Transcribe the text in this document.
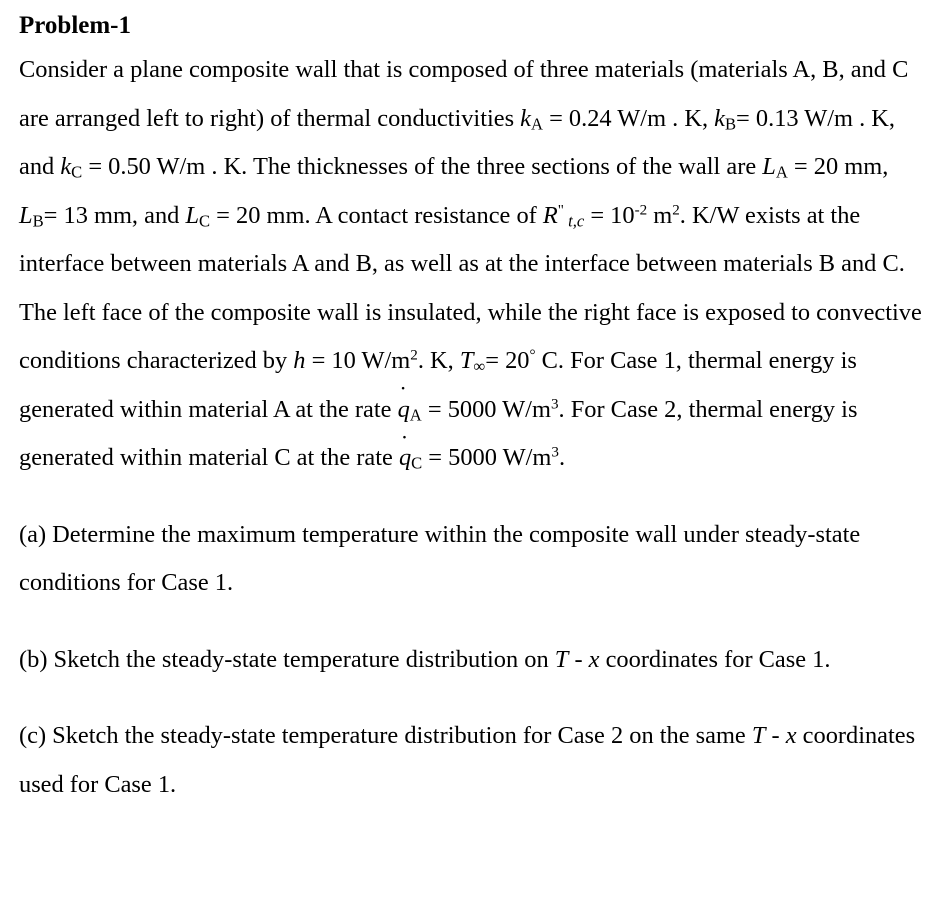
Problem-1

Consider a plane composite wall that is composed of three materials (materials A, B, and C are arranged left to right) of thermal conductivities $k_A = 0.24$ W/m . K, $k_B= 0.13$ W/m . K, and $k_C = 0.50$ W/m . K. The thicknesses of the three sections of the wall are $L_A = 20$ mm, $L_B= 13$ mm, and $L_C = 20$ mm. A contact resistance of R" $_{t,c} = 10^{-2}$ $m^2$. K/W exists at the interface between materials A and B, as well as at the interface between materials B and C. The left face of the composite wall is insulated, while the right face is exposed to convective conditions characterized by h = 10 $W/m^2$. K, $T_\infty= 20^\circ$ C. For Case 1, thermal energy is generated within material A at the rate ˙ $q_A = 5000$ $W/m^3$. For Case 2, thermal energy is generated within material C at the rate ˙ $q_C = 5000$ $W/m^3$.

(a) Determine the maximum temperature within the composite wall under steady-state conditions for Case 1.

(b) Sketch the steady-state temperature distribution on T - x coordinates for Case 1.

(c) Sketch the steady-state temperature distribution for Case 2 on the same T - x coordinates used for Case 1.
